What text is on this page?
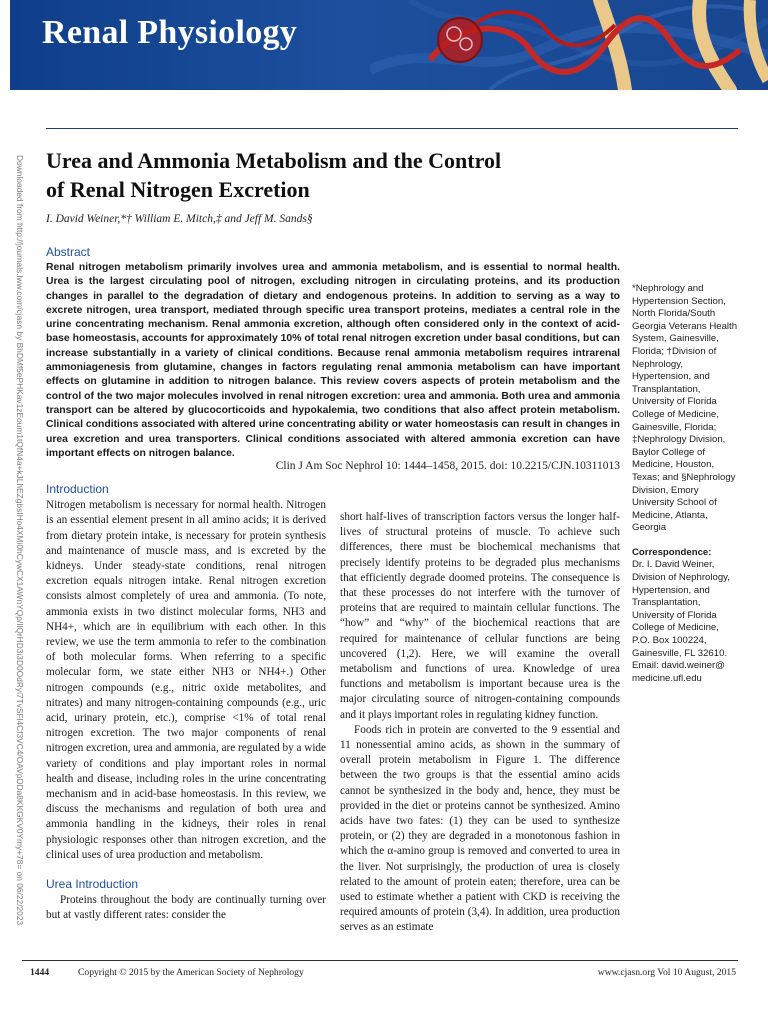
Renal Physiology
Downloaded from http://journals.lww.com/cjasn by BhDMf5ePHKav1zEoum1tQfN4a+kJLhEZgbsIHo4XMi0hCywCX1AWnYQp/IlQrHD3i3D0OdRyi7TvSFl4Cf3VC4/OAVpDDa8KKGKV0Ymy+78= on 06/22/2023 Urea and Ammonia Metabolism and the Control
of Renal Nitrogen Excretion
I. David Weiner,*† William E. Mitch,‡ and Jeff M. Sands§
Abstract
Renal nitrogen metabolism primarily involves urea and ammonia metabolism, and is essential to normal health. Urea is the largest circulating pool of nitrogen, excluding nitrogen in circulating proteins, and its production changes in parallel to the degradation of dietary and endogenous proteins. In addition to serving as a way to excrete nitrogen, urea transport, mediated through specific urea transport proteins, mediates a central role in the urine concentrating mechanism. Renal ammonia excretion, although often considered only in the context of acid-base homeostasis, accounts for approximately 10% of total renal nitrogen excretion under basal conditions, but can increase substantially in a variety of clinical conditions. Because renal ammonia metabolism requires intrarenal ammoniagenesis from glutamine, changes in factors regulating renal ammonia metabolism can have important effects on glutamine in addition to nitrogen balance. This review covers aspects of protein metabolism and the control of the two major molecules involved in renal nitrogen excretion: urea and ammonia. Both urea and ammonia transport can be altered by glucocorticoids and hypokalemia, two conditions that also affect protein metabolism. Clinical conditions associated with altered urine concentrating ability or water homeostasis can result in changes in urea excretion and urea transporters. Clinical conditions associated with altered ammonia excretion can have important effects on nitrogen balance.
Clin J Am Soc Nephrol 10: 1444–1458, 2015. doi: 10.2215/CJN.10311013
Introduction

Nitrogen metabolism is necessary for normal health. Nitrogen is an essential element present in all amino acids; it is derived from dietary protein intake, is necessary for protein synthesis and maintenance of muscle mass, and is excreted by the kidneys. Under steady-state conditions, renal nitrogen excretion equals nitrogen intake. Renal nitrogen excretion consists almost completely of urea and ammonia. (To note, ammonia exists in two distinct molecular forms, NH3 and NH4+, which are in equilibrium with each other. In this review, we use the term ammonia to refer to the combination of both molecular forms. When referring to a specific molecular form, we state either NH3 or NH4+.) Other nitrogen compounds (e.g., nitric oxide metabolites, and nitrates) and many nitrogen-containing compounds (e.g., uric acid, urinary protein, etc.), comprise <1% of total renal nitrogen excretion. The two major components of renal nitrogen excretion, urea and ammonia, are regulated by a wide variety of conditions and play important roles in normal health and disease, including roles in the urine concentrating mechanism and in acid-base homeostasis. In this review, we discuss the mechanisms and regulation of both urea and ammonia handling in the kidneys, their roles in renal physiologic responses other than nitrogen excretion, and the clinical uses of urea production and metabolism.

Urea Introduction

Proteins throughout the body are continually turning over but at vastly different rates: consider the

short half-lives of transcription factors versus the longer half-lives of structural proteins of muscle. To achieve such differences, there must be biochemical mechanisms that precisely identify proteins to be degraded plus mechanisms that efficiently degrade doomed proteins. The consequence is that these processes do not interfere with the turnover of proteins that are required to maintain cellular functions. The “how” and “why” of the biochemical reactions that are required for maintenance of cellular functions are being uncovered (1,2). Here, we will examine the overall metabolism and functions of urea. Knowledge of urea functions and metabolism is important because urea is the major circulating source of nitrogen-containing compounds and it plays important roles in regulating kidney function.

Foods rich in protein are converted to the 9 essential and 11 nonessential amino acids, as shown in the summary of overall protein metabolism in Figure 1. The difference between the two groups is that the essential amino acids cannot be synthesized in the body and, hence, they must be provided in the diet or proteins cannot be synthesized. Amino acids have two fates: (1) they can be used to synthesize protein, or (2) they are degraded in a monotonous fashion in which the α-amino group is removed and converted to urea in the liver. Not surprisingly, the production of urea is closely related to the amount of protein eaten; therefore, urea can be used to estimate whether a patient with CKD is receiving the required amounts of protein (3,4). In addition, urea production serves as an estimate

*Nephrology and Hypertension Section, North Florida/South Georgia Veterans Health System, Gainesville, Florida; †Division of Nephrology, Hypertension, and Transplantation, University of Florida College of Medicine, Gainesville, Florida; ‡Nephrology Division, Baylor College of Medicine, Houston, Texas; and §Nephrology Division, Emory University School of Medicine, Atlanta, Georgia
Correspondence:
Dr. I. David Weiner,
Division of Nephrology,
Hypertension, and
Transplantation,
University of Florida
College of Medicine,
P.O. Box 100224,
Gainesville, FL 32610.
Email: david.weiner@
medicine.ufl.edu
1444	Copyright © 2015 by the American Society of Nephrology	www.cjasn.org Vol 10 August, 2015
